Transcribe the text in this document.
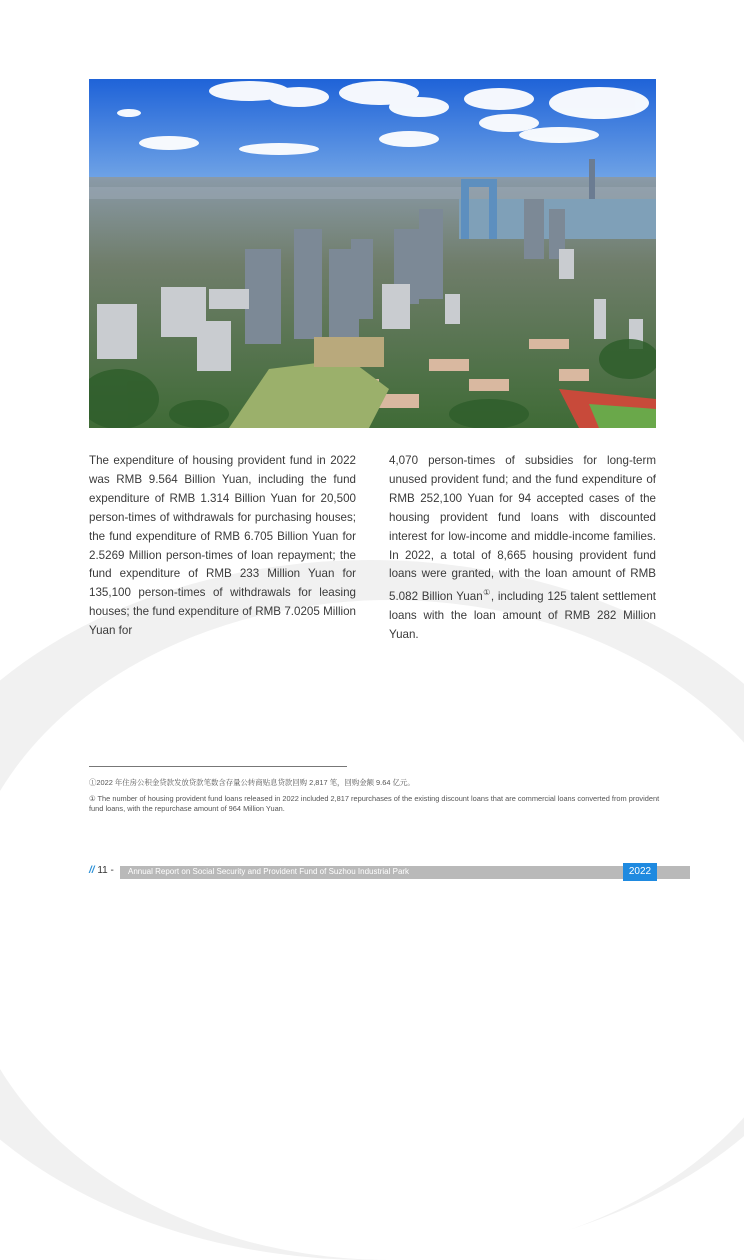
The expenditure of housing provident fund in 2022 was RMB 9.564 Billion Yuan, including the fund expenditure of RMB 1.314 Billion Yuan for 20,500 person-times of withdrawals for purchasing houses; the fund expenditure of RMB 6.705 Billion Yuan for 2.5269 Million person-times of loan repayment; the fund expenditure of RMB 233 Million Yuan for 135,100 person-times of withdrawals for leasing houses; the fund expenditure of RMB 7.0205 Million Yuan for
4,070 person-times of subsidies for long-term unused provident fund; and the fund expenditure of RMB 252,100 Yuan for 94 accepted cases of the housing provident fund loans with discounted interest for low-income and middle-income families. In 2022, a total of 8,665 housing provident fund loans were granted, with the loan amount of RMB 5.082 Billion Yuan①, including 125 talent settlement loans with the loan amount of RMB 282 Million Yuan.
①2022 年住房公积金贷款发放贷款笔数含存量公转商贴息贷款回购 2,817 笔，回购金额 9.64 亿元。
① The number of housing provident fund loans released in 2022 included 2,817 repurchases of the existing discount loans that are commercial loans converted from provident fund loans, with the repurchase amount of 964 Million Yuan.
// 11 - Annual Report on Social Security and Provident Fund of Suzhou Industrial Park	2022
